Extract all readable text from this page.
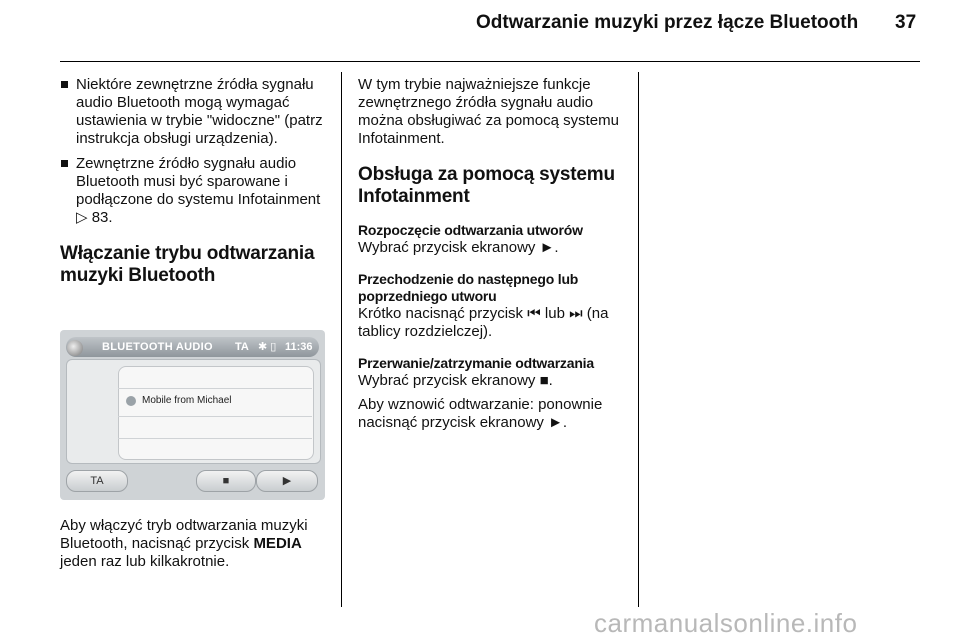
Odtwarzanie muzyki przez łącze Bluetooth 37
Niektóre zewnętrzne źródła sygnału audio Bluetooth mogą wymagać ustawienia w trybie "widoczne" (patrz instrukcja obsługi urządzenia).
Zewnętrzne źródło sygnału audio Bluetooth musi być sparowane i podłączone do systemu Infotainment ▷ 83.
Włączanie trybu odtwarzania muzyki Bluetooth

Aby włączyć tryb odtwarzania muzyki Bluetooth, nacisnąć przycisk MEDIA jeden raz lub kilkakrotnie.

BLUETOOTH AUDIO TA ✱ ▯ 11:36
Mobile from Michael
TA	■	▶

W tym trybie najważniejsze funkcje zewnętrznego źródła sygnału audio można obsługiwać za pomocą systemu Infotainment.

Obsługa za pomocą systemu Infotainment
Rozpoczęcie odtwarzania utworów

Wybrać przycisk ekranowy ►.

Przechodzenie do następnego lub poprzedniego utworu

Krótko nacisnąć przycisk ⏮ lub ⏭ (na tablicy rozdzielczej).

Przerwanie/zatrzymanie odtwarzania

Wybrać przycisk ekranowy ■.

Aby wznowić odtwarzanie: ponownie nacisnąć przycisk ekranowy ►.

carmanualsonline.info
